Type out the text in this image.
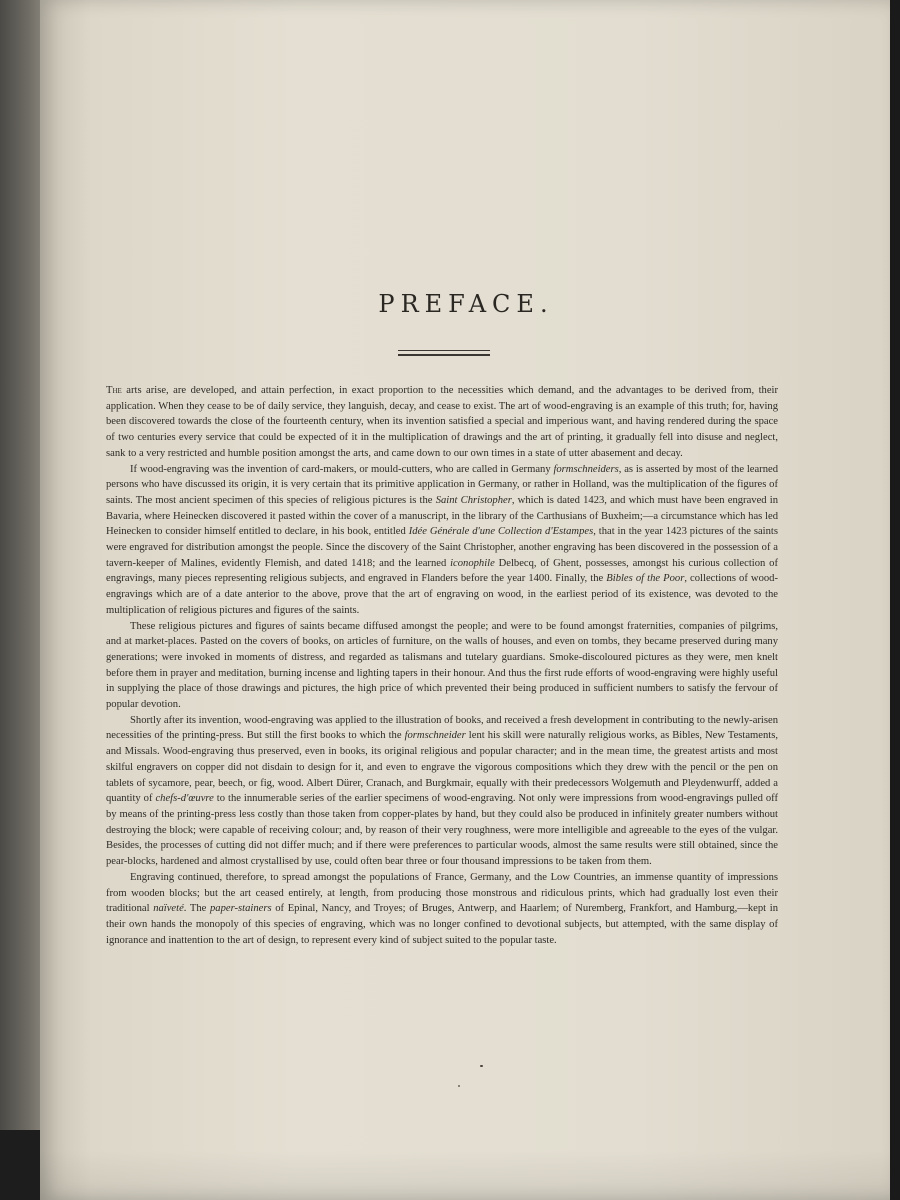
PREFACE.

The arts arise, are developed, and attain perfection, in exact proportion to the necessities which demand, and the advantages to be derived from, their application. When they cease to be of daily service, they languish, decay, and cease to exist. The art of wood-engraving is an example of this truth; for, having been discovered towards the close of the fourteenth century, when its invention satisfied a special and imperious want, and having rendered during the space of two centuries every service that could be expected of it in the multiplication of drawings and the art of printing, it gradually fell into disuse and neglect, sank to a very restricted and humble position amongst the arts, and came down to our own times in a state of utter abasement and decay.

If wood-engraving was the invention of card-makers, or mould-cutters, who are called in Germany formschneiders, as is asserted by most of the learned persons who have discussed its origin, it is very certain that its primitive application in Germany, or rather in Holland, was the multiplication of the figures of saints. The most ancient specimen of this species of religious pictures is the Saint Christopher, which is dated 1423, and which must have been engraved in Bavaria, where Heinecken discovered it pasted within the cover of a manuscript, in the library of the Carthusians of Buxheim;—a circumstance which has led Heinecken to consider himself entitled to declare, in his book, entitled Idée Générale d'une Collection d'Estampes, that in the year 1423 pictures of the saints were engraved for distribution amongst the people. Since the discovery of the Saint Christopher, another engraving has been discovered in the possession of a tavern-keeper of Malines, evidently Flemish, and dated 1418; and the learned iconophile Delbecq, of Ghent, possesses, amongst his curious collection of engravings, many pieces representing religious subjects, and engraved in Flanders before the year 1400. Finally, the Bibles of the Poor, collections of wood-engravings which are of a date anterior to the above, prove that the art of engraving on wood, in the earliest period of its existence, was devoted to the multiplication of religious pictures and figures of the saints.

These religious pictures and figures of saints became diffused amongst the people; and were to be found amongst fraternities, companies of pilgrims, and at market-places. Pasted on the covers of books, on articles of furniture, on the walls of houses, and even on tombs, they became preserved during many generations; were invoked in moments of distress, and regarded as talismans and tutelary guardians. Smoke-discoloured pictures as they were, men knelt before them in prayer and meditation, burning incense and lighting tapers in their honour. And thus the first rude efforts of wood-engraving were highly useful in supplying the place of those drawings and pictures, the high price of which prevented their being produced in sufficient numbers to satisfy the fervour of popular devotion.

Shortly after its invention, wood-engraving was applied to the illustration of books, and received a fresh development in contributing to the newly-arisen necessities of the printing-press. But still the first books to which the formschneider lent his skill were naturally religious works, as Bibles, New Testaments, and Missals. Wood-engraving thus preserved, even in books, its original religious and popular character; and in the mean time, the greatest artists and most skilful engravers on copper did not disdain to design for it, and even to engrave the vigorous compositions which they drew with the pencil or the pen on tablets of sycamore, pear, beech, or fig, wood. Albert Dürer, Cranach, and Burgkmair, equally with their predecessors Wolgemuth and Pleydenwurff, added a quantity of chefs-d'œuvre to the innumerable series of the earlier specimens of wood-engraving. Not only were impressions from wood-engravings pulled off by means of the printing-press less costly than those taken from copper-plates by hand, but they could also be produced in infinitely greater numbers without destroying the block; were capable of receiving colour; and, by reason of their very roughness, were more intelligible and agreeable to the eyes of the vulgar. Besides, the processes of cutting did not differ much; and if there were preferences to particular woods, almost the same results were still obtained, since the pear-blocks, hardened and almost crystallised by use, could often bear three or four thousand impressions to be taken from them.

Engraving continued, therefore, to spread amongst the populations of France, Germany, and the Low Countries, an immense quantity of impressions from wooden blocks; but the art ceased entirely, at length, from producing those monstrous and ridiculous prints, which had gradually lost even their traditional naïveté. The paper-stainers of Epinal, Nancy, and Troyes; of Bruges, Antwerp, and Haarlem; of Nuremberg, Frankfort, and Hamburg,—kept in their own hands the monopoly of this species of engraving, which was no longer confined to devotional subjects, but attempted, with the same display of ignorance and inattention to the art of design, to represent every kind of subject suited to the popular taste.
